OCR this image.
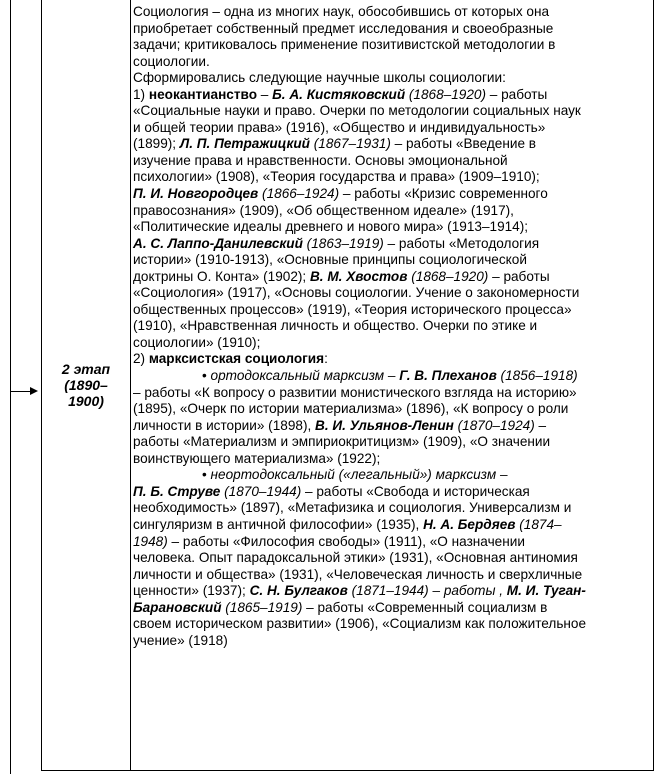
2 этап
(1890–
1900)
Социология – одна из многих наук, обособившись от которых она
приобретает собственный предмет исследования и своеобразные
задачи; критиковалось применение позитивистской методологии в
социологии.
Сформировались следующие научные школы социологии:
1) неокантианство – Б. А. Кистяковский (1868–1920) – работы
«Социальные науки и право. Очерки по методологии социальных наук
и общей теории права» (1916), «Общество и индивидуальность»
(1899); Л. П. Петражицкий (1867–1931) – работы «Введение в
изучение права и нравственности. Основы эмоциональной
психологии» (1908), «Теория государства и права» (1909–1910);
П. И. Новгородцев (1866–1924) – работы «Кризис современного
правосознания» (1909), «Об общественном идеале» (1917),
«Политические идеалы древнего и нового мира» (1913–1914);
А. С. Лаппо-Данилевский (1863–1919) – работы «Методология
истории» (1910-1913), «Основные принципы социологической
доктрины О. Конта» (1902); В. М. Хвостов (1868–1920) – работы
«Социология» (1917), «Основы социологии. Учение о закономерности
общественных процессов» (1919), «Теория исторического процесса»
(1910), «Нравственная личность и общество. Очерки по этике и
социологии» (1910);
2) марксистская социология:
• ортодоксальный марксизм – Г. В. Плеханов (1856–1918)
– работы «К вопросу о развитии монистического взгляда на историю»
(1895), «Очерк по истории материализма» (1896), «К вопросу о роли
личности в истории» (1898), В. И. Ульянов-Ленин (1870–1924) –
работы «Материализм и эмпириокритицизм» (1909), «О значении
воинствующего материализма» (1922);
• неортодоксальный («легальный») марксизм –
П. Б. Струве (1870–1944) – работы «Свобода и историческая
необходимость» (1897), «Метафизика и социология. Универсализм и
сингуляризм в античной философии» (1935), Н. А. Бердяев (1874–
1948) – работы «Философия свободы» (1911), «О назначении
человека. Опыт парадоксальной этики» (1931), «Основная антиномия
личности и общества» (1931), «Человеческая личность и сверхличные
ценности» (1937); С. Н. Булгаков (1871–1944) – работы , М. И. Туган-
Барановский (1865–1919) – работы «Современный социализм в
своем историческом развитии» (1906), «Социализм как положительное
учение» (1918)
